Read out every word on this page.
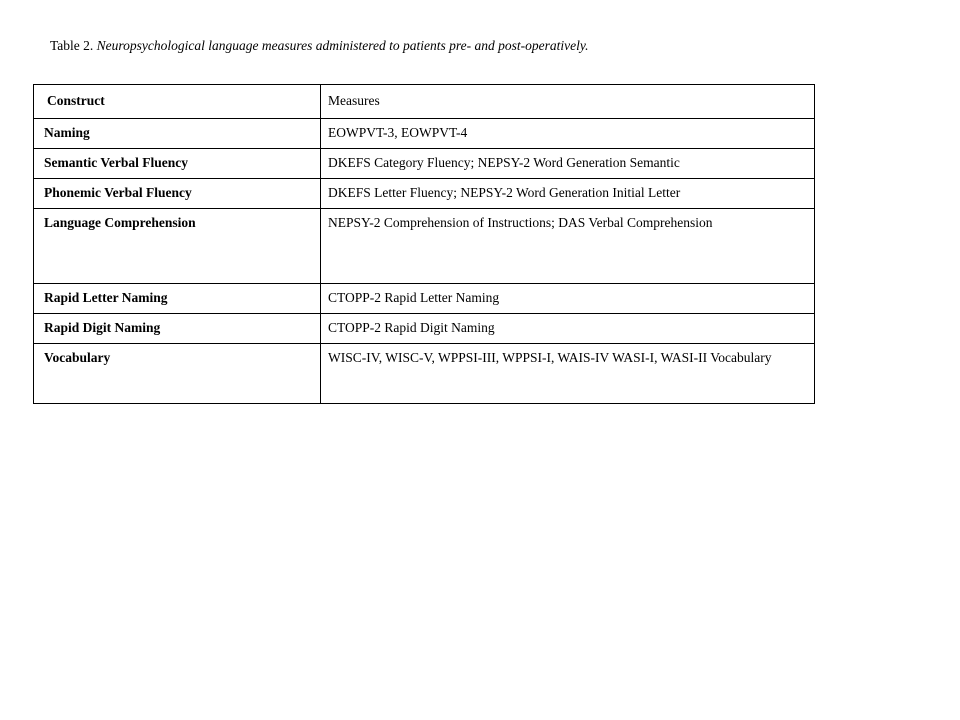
Table 2. Neuropsychological language measures administered to patients pre- and post-operatively.
Construct	Measures
Naming	EOWPVT-3, EOWPVT-4
Semantic Verbal Fluency	DKEFS Category Fluency; NEPSY-2 Word Generation Semantic
Phonemic Verbal Fluency	DKEFS Letter Fluency; NEPSY-2 Word Generation Initial Letter
Language Comprehension	NEPSY-2 Comprehension of Instructions; DAS Verbal Comprehension
Rapid Letter Naming	CTOPP-2 Rapid Letter Naming
Rapid Digit Naming	CTOPP-2 Rapid Digit Naming
Vocabulary	WISC-IV, WISC-V, WPPSI-III, WPPSI-I, WAIS-IV WASI-I, WASI-II Vocabulary
